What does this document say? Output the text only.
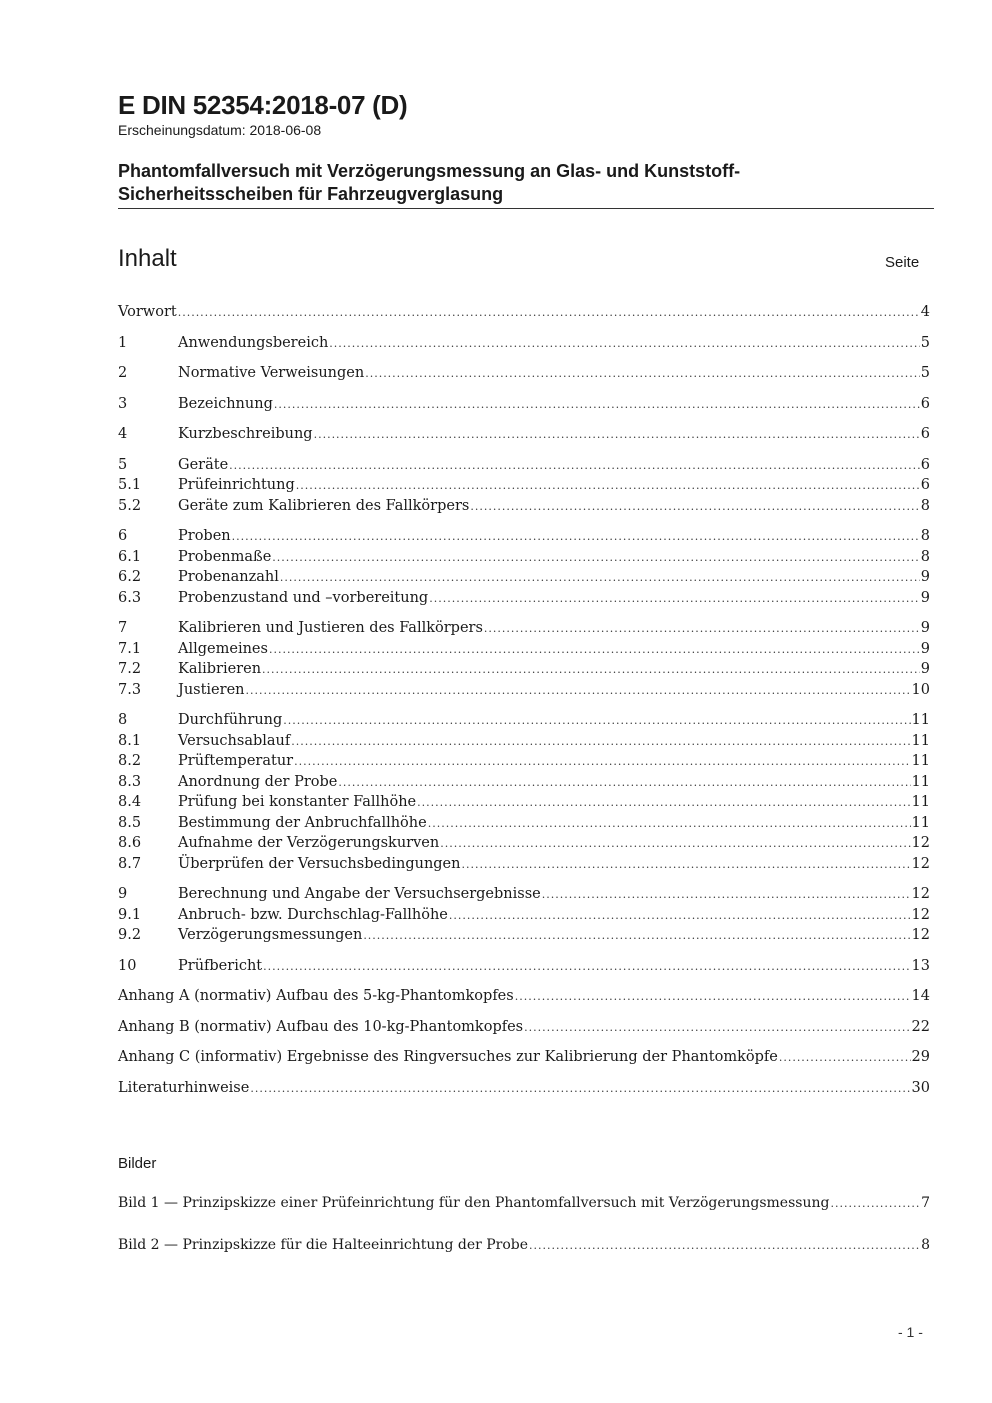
E DIN 52354:2018-07 (D)
Erscheinungsdatum: 2018-06-08
Phantomfallversuch mit Verzögerungsmessung an Glas- und Kunststoff-
Sicherheitsscheiben für Fahrzeugverglasung
Inhalt	Seite
Vorwort .....	4
1	Anwendungsbereich .....	5
2	Normative Verweisungen .....	5
3	Bezeichnung .....	6
4	Kurzbeschreibung .....	6
5	Geräte .....	6
5.1	Prüfeinrichtung .....	6
5.2	Geräte zum Kalibrieren des Fallkörpers .....	8
6	Proben .....	8
6.1	Probenmaße .....	8
6.2	Probenanzahl .....	9
6.3	Probenzustand und –vorbereitung .....	9
7	Kalibrieren und Justieren des Fallkörpers .....	9
7.1	Allgemeines .....	9
7.2	Kalibrieren .....	9
7.3	Justieren .....	10
8	Durchführung .....	11
8.1	Versuchsablauf .....	11
8.2	Prüftemperatur .....	11
8.3	Anordnung der Probe .....	11
8.4	Prüfung bei konstanter Fallhöhe .....	11
8.5	Bestimmung der Anbruchfallhöhe .....	11
8.6	Aufnahme der Verzögerungskurven .....	12
8.7	Überprüfen der Versuchsbedingungen .....	12
9	Berechnung und Angabe der Versuchsergebnisse .....	12
9.1	Anbruch- bzw. Durchschlag-Fallhöhe .....	12
9.2	Verzögerungsmessungen .....	12
10	Prüfbericht .....	13
Anhang A (normativ) Aufbau des 5-kg-Phantomkopfes .....	14
Anhang B (normativ) Aufbau des 10-kg-Phantomkopfes .....	22
Anhang C (informativ) Ergebnisse des Ringversuches zur Kalibrierung der Phantomköpfe .....	29
Literaturhinweise .....	30
Bilder
Bild 1 — Prinzipskizze einer Prüfeinrichtung für den Phantomfallversuch mit Verzögerungsmessung .....	7
Bild 2 — Prinzipskizze für die Halteeinrichtung der Probe .....	8
- 1 -
